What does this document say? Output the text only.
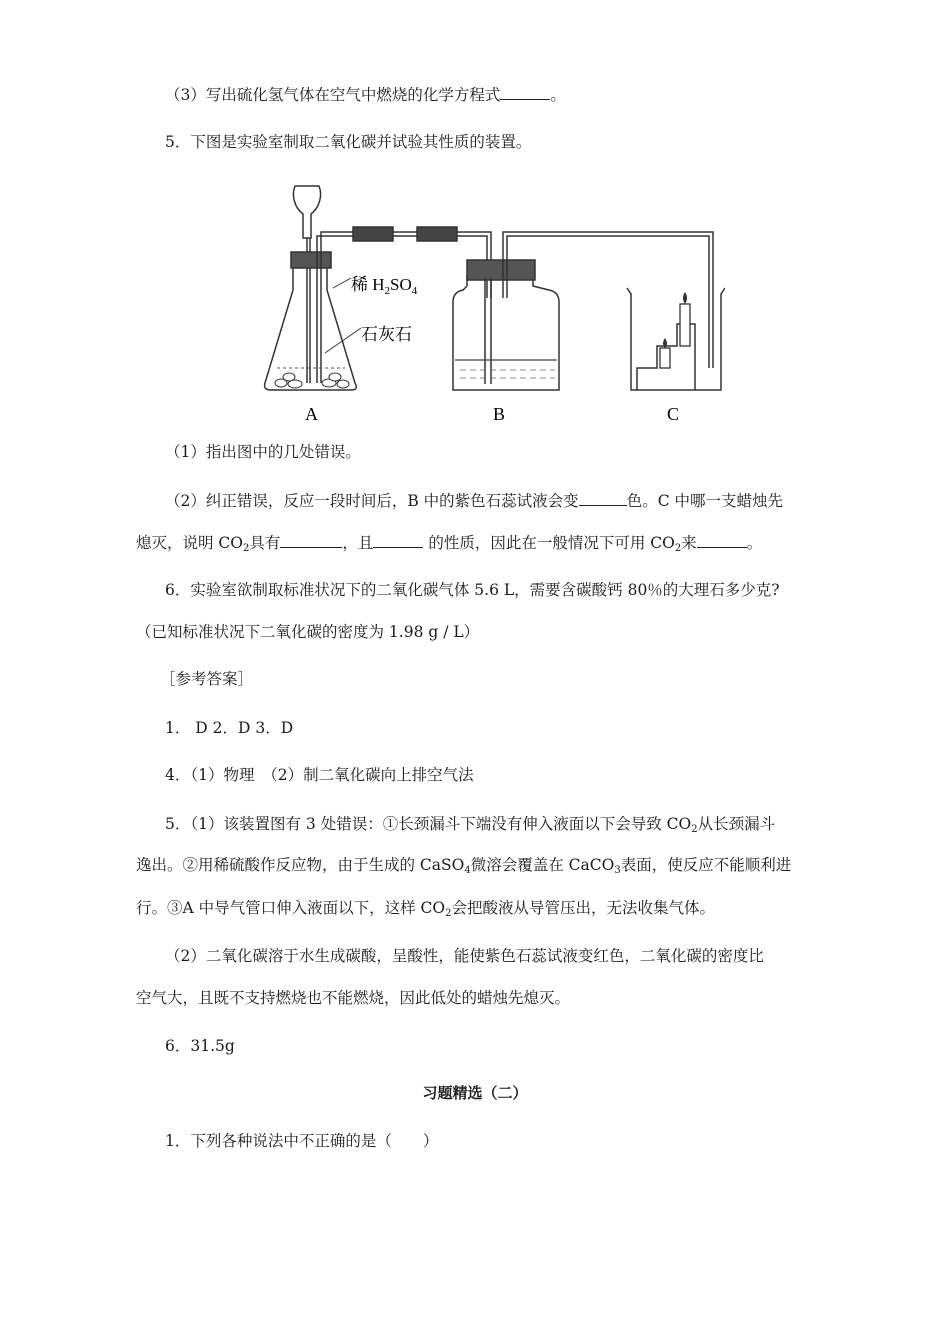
（3）写出硫化氢气体在空气中燃烧的化学方程式	。
5．下图是实验室制取二氧化碳并试验其性质的装置。
稀 $H_2SO_4$
石灰石
A	B	C
（1）指出图中的几处错误。
（2）纠正错误，反应一段时间后，B 中的紫色石蕊试液会变	色。C 中哪一支蜡烛先
熄灭，说明 $CO_2$具有	，且	的性质，因此在一般情况下可用 $CO_2$来	。
6．实验室欲制取标准状况下的二氧化碳气体 5.6 L，需要含碳酸钙 80％的大理石多少克?
（已知标准状况下二氧化碳的密度为 1.98 g / L）
［参考答案］
1． D 2．D 3．D
4．（1）物理　（2）制二氧化碳向上排空气法
5．（1）该装置图有 3 处错误：①长颈漏斗下端没有伸入液面以下会导致 $CO_2$从长颈漏斗
逸出。②用稀硫酸作反应物，由于生成的 CaSO$_4$微溶会覆盖在 CaCO$_3$表面，使反应不能顺利进
行。③A 中导气管口伸入液面以下，这样 $CO_2$会把酸液从导管压出，无法收集气体。
（2）二氧化碳溶于水生成碳酸，呈酸性，能使紫色石蕊试液变红色，二氧化碳的密度比
空气大，且既不支持燃烧也不能燃烧，因此低处的蜡烛先熄灭。
6．31.5g
习题精选（二）
1．下列各种说法中不正确的是（　　）
